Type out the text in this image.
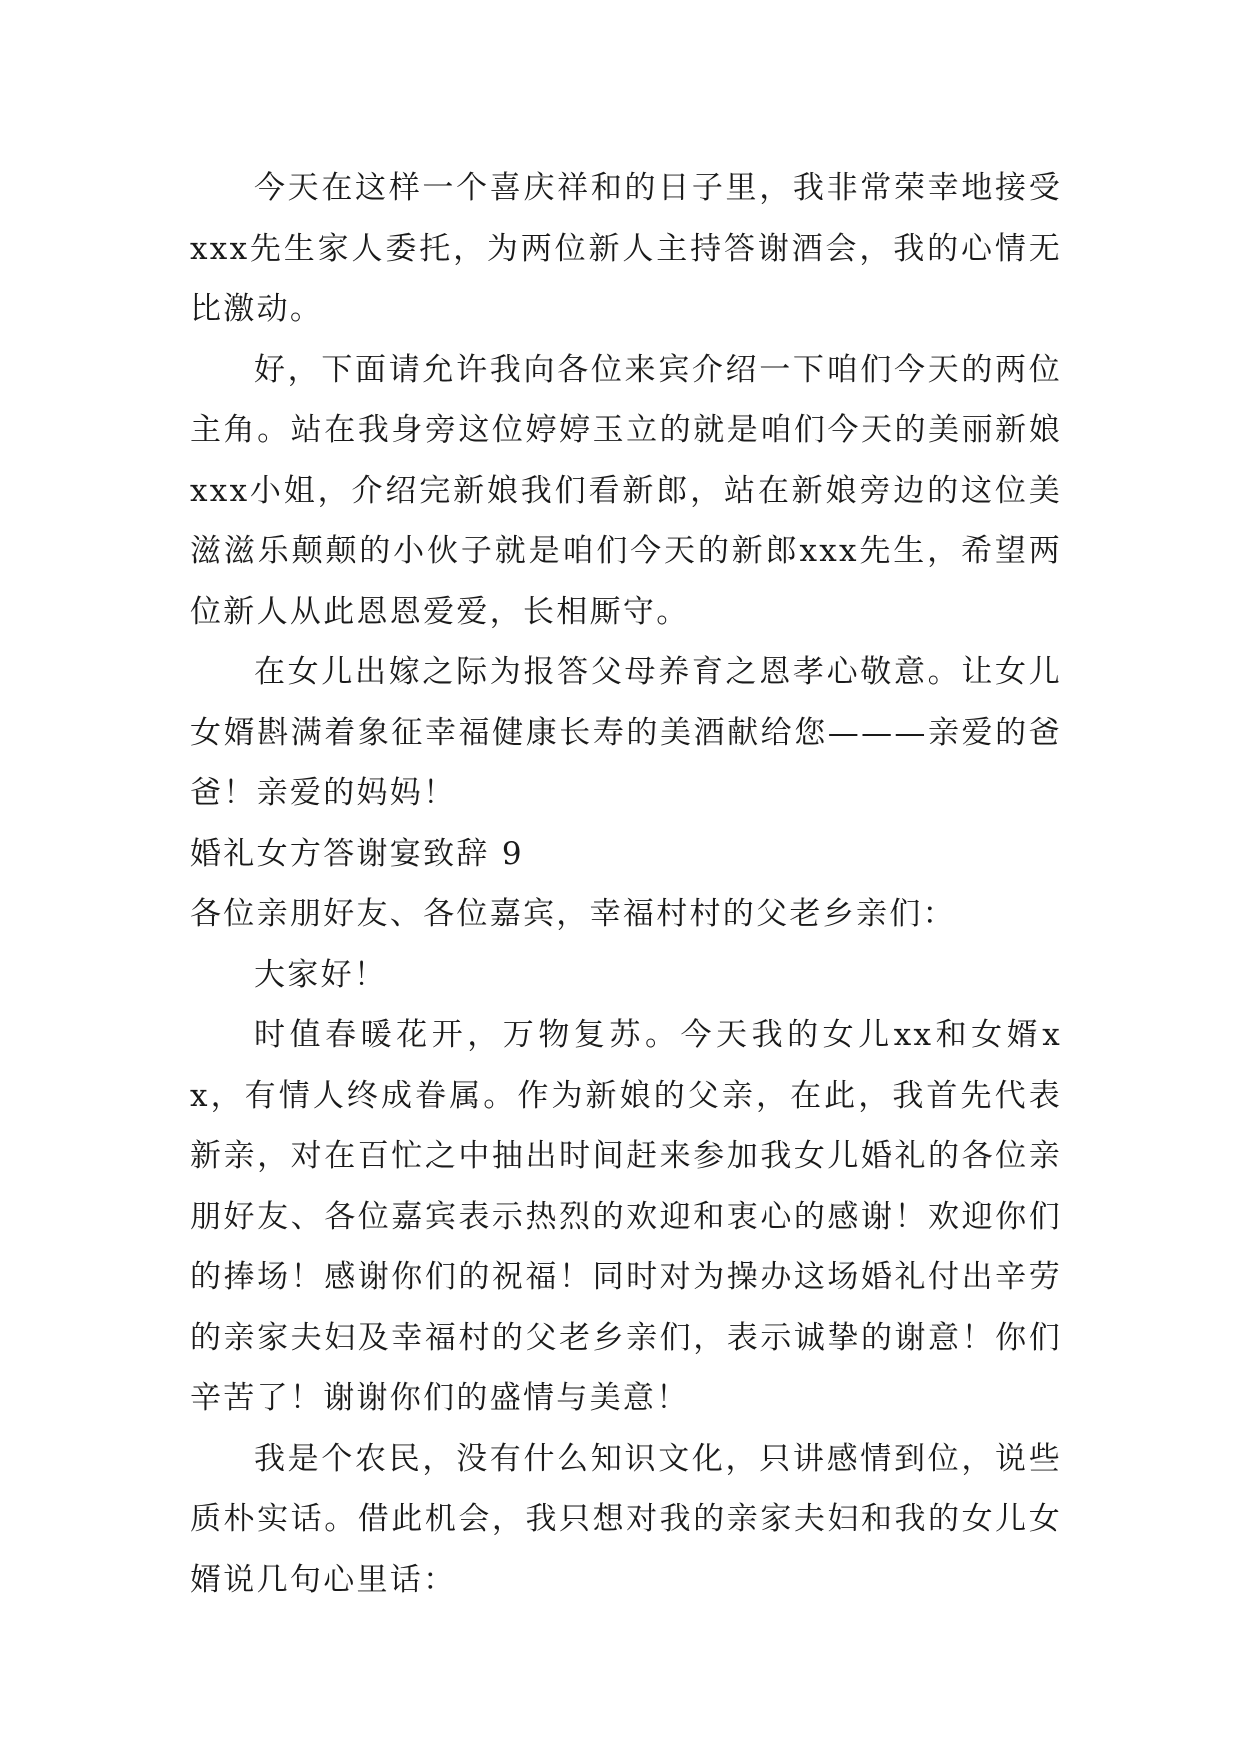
今天在这样一个喜庆祥和的日子里，我非常荣幸地接受xxx先生家人委托，为两位新人主持答谢酒会，我的心情无比激动。

好，下面请允许我向各位来宾介绍一下咱们今天的两位主角。站在我身旁这位婷婷玉立的就是咱们今天的美丽新娘xxx小姐，介绍完新娘我们看新郎，站在新娘旁边的这位美滋滋乐颠颠的小伙子就是咱们今天的新郎xxx先生，希望两位新人从此恩恩爱爱，长相厮守。

在女儿出嫁之际为报答父母养育之恩孝心敬意。让女儿女婿斟满着象征幸福健康长寿的美酒献给您———亲爱的爸爸！亲爱的妈妈！

婚礼女方答谢宴致辞 9

各位亲朋好友、各位嘉宾，幸福村村的父老乡亲们：

大家好！

时值春暖花开，万物复苏。今天我的女儿xx和女婿xx，有情人终成眷属。作为新娘的父亲，在此，我首先代表新亲，对在百忙之中抽出时间赶来参加我女儿婚礼的各位亲朋好友、各位嘉宾表示热烈的欢迎和衷心的感谢！欢迎你们的捧场！感谢你们的祝福！同时对为操办这场婚礼付出辛劳的亲家夫妇及幸福村的父老乡亲们，表示诚挚的谢意！你们辛苦了！谢谢你们的盛情与美意！

我是个农民，没有什么知识文化，只讲感情到位，说些质朴实话。借此机会，我只想对我的亲家夫妇和我的女儿女婿说几句心里话：
